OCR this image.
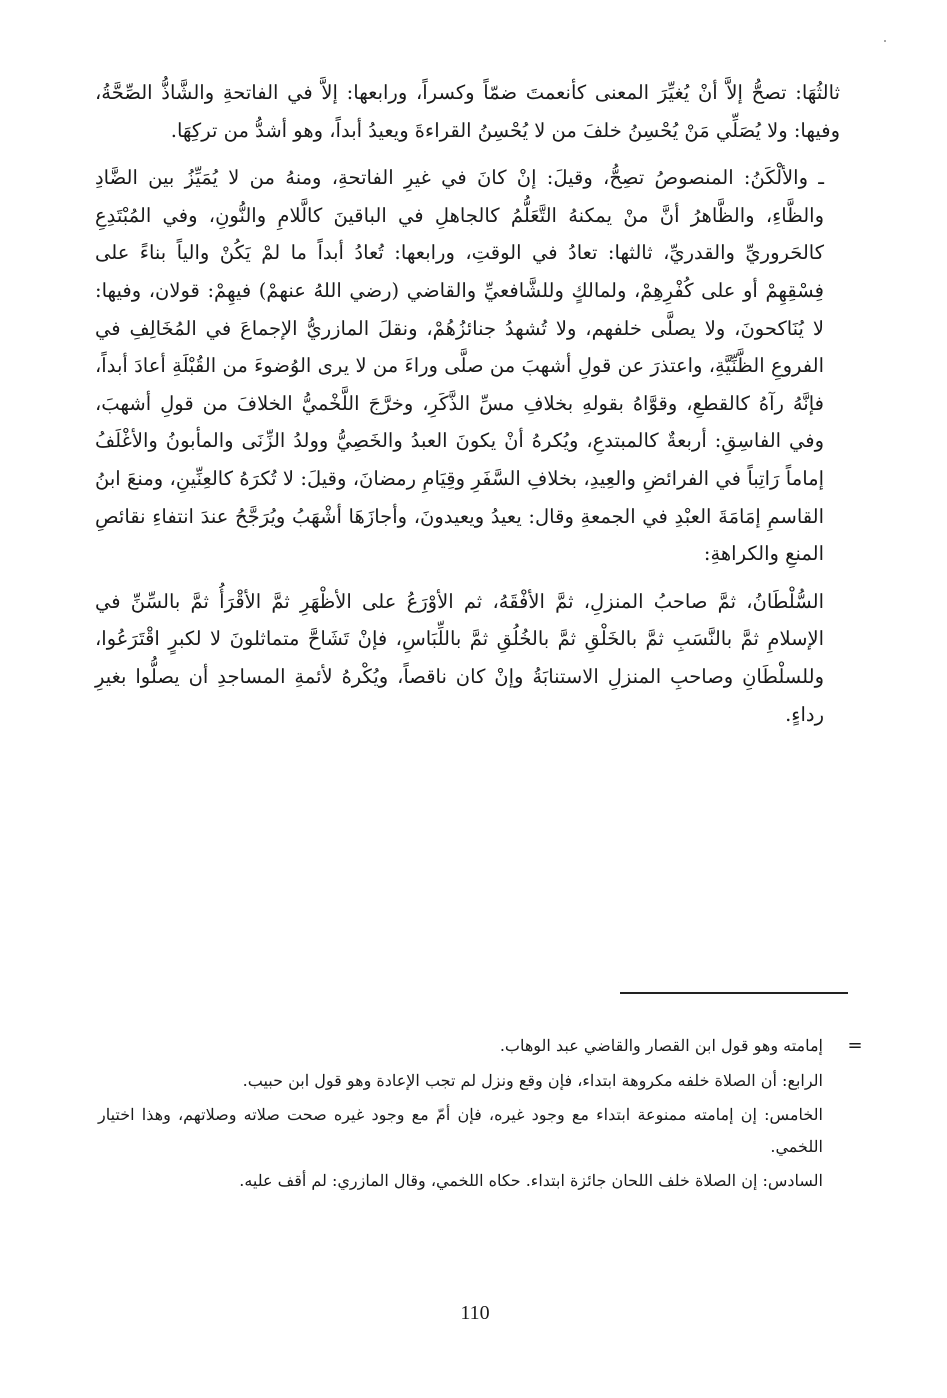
ثالثُهَا: تصحُّ إلاَّ أنْ يُغيِّرَ المعنى كأنعمتَ ضمّاً وكسراً، ورابعها: إلاَّ في الفاتحةِ والشَّاذُّ الصِّحَّةُ، وفيها: ولا يُصَلِّي مَنْ يُحْسِنُ خلفَ من لا يُحْسِنُ القراءةَ ويعيدُ أبداً، وهو أشدُّ من تركِهَا.

ـ والألْكَنُ: المنصوصُ تصِحُّ، وقيلَ: إنْ كانَ في غيرِ الفاتحةِ، ومنهُ من لا يُمَيِّزُ بين الضَّادِ والظَّاءِ، والظَّاهرُ أنَّ منْ يمكنهُ التَّعَلُّمُ كالجاهلِ في الباقينَ كالَّلامِ والنُّونِ، وفي المُبْتَدِعِ كالحَروريِّ والقدريِّ، ثالثها: تعادُ في الوقتِ، ورابعها: تُعادُ أبداً ما لمْ يَكُنْ والياً بناءً على فِسْقِهِمْ أو على كُفْرِهِمْ، ولمالكٍ وللشَّافعيِّ والقاضي (رضي اللهُ عنهمْ) فيهِمْ: قولان، وفيها: لا يُنَاكحونَ، ولا يصلَّى خلفهم، ولا تُشهدُ جنائزُهُمْ، ونقلَ المازريُّ الإجماعَ في المُخَالِفِ في الفروعِ الظَّنِّيَّةِ، واعتذرَ عن قولِ أشهبَ من صلَّى وراءَ من لا يرى الوُضوءَ من القُبْلَةِ أعادَ أبداً، فإنَّهُ رآهُ كالقطعِ، وقوَّاهُ بقولهِ بخلافِ مسِّ الذَّكَرِ، وخرَّجَ اللَّخْميُّ الخلافَ من قولِ أشهبَ، وفي الفاسِقِ: أربعةٌ كالمبتدعِ، ويُكرهُ أنْ يكونَ العبدُ والخَصِيُّ وولدُ الزِّنَى والمأبونُ والأغْلَفُ إماماً رَاتِباً في الفرائضِ والعِيدِ، بخلافِ السَّفَرِ وقِيَامِ رمضانَ، وقيلَ: لا تُكرَهُ كالعِنِّينِ، ومنعَ ابنُ القاسمِ إمَامَةَ العبْدِ في الجمعةِ وقال: يعيدُ ويعيدونَ، وأجازَهَا أشْهَبُ ويُرَجَّحُ عندَ انتفاءِ نقائصِ المنعِ والكراهةِ:

السُّلْطَانُ، ثمَّ صاحبُ المنزلِ، ثمَّ الأفْقَهُ، ثم الأوْرَعُ على الأظْهَرِ ثمَّ الأقْرَأُ ثمَّ بالسِّنِّ في الإسلامِ ثمَّ بالنَّسَبِ ثمَّ بالخَلْقِ ثمَّ بالخُلُقِ ثمَّ باللِّبَاسِ، فإنْ تَشَاحَّ متماثلونَ لا لكبرٍ اقْتَرَعُوا، وللسلْطَانِ وصاحبِ المنزلِ الاستنابَةُ وإنْ كان ناقصاً، ويُكْرهُ لأئمةِ المساجدِ أن يصلُّوا بغيرِ رداءٍ.

=

إمامته وهو قول ابن القصار والقاضي عبد الوهاب.

الرابع: أن الصلاة خلفه مكروهة ابتداء، فإن وقع ونزل لم تجب الإعادة وهو قول ابن حبيب.

الخامس: إن إمامته ممنوعة ابتداء مع وجود غيره، فإن أمّ مع وجود غيره صحت صلاته وصلاتهم، وهذا اختيار اللخمي.

السادس: إن الصلاة خلف اللحان جائزة ابتداء. حكاه اللخمي، وقال المازري: لم أقف عليه.

110
